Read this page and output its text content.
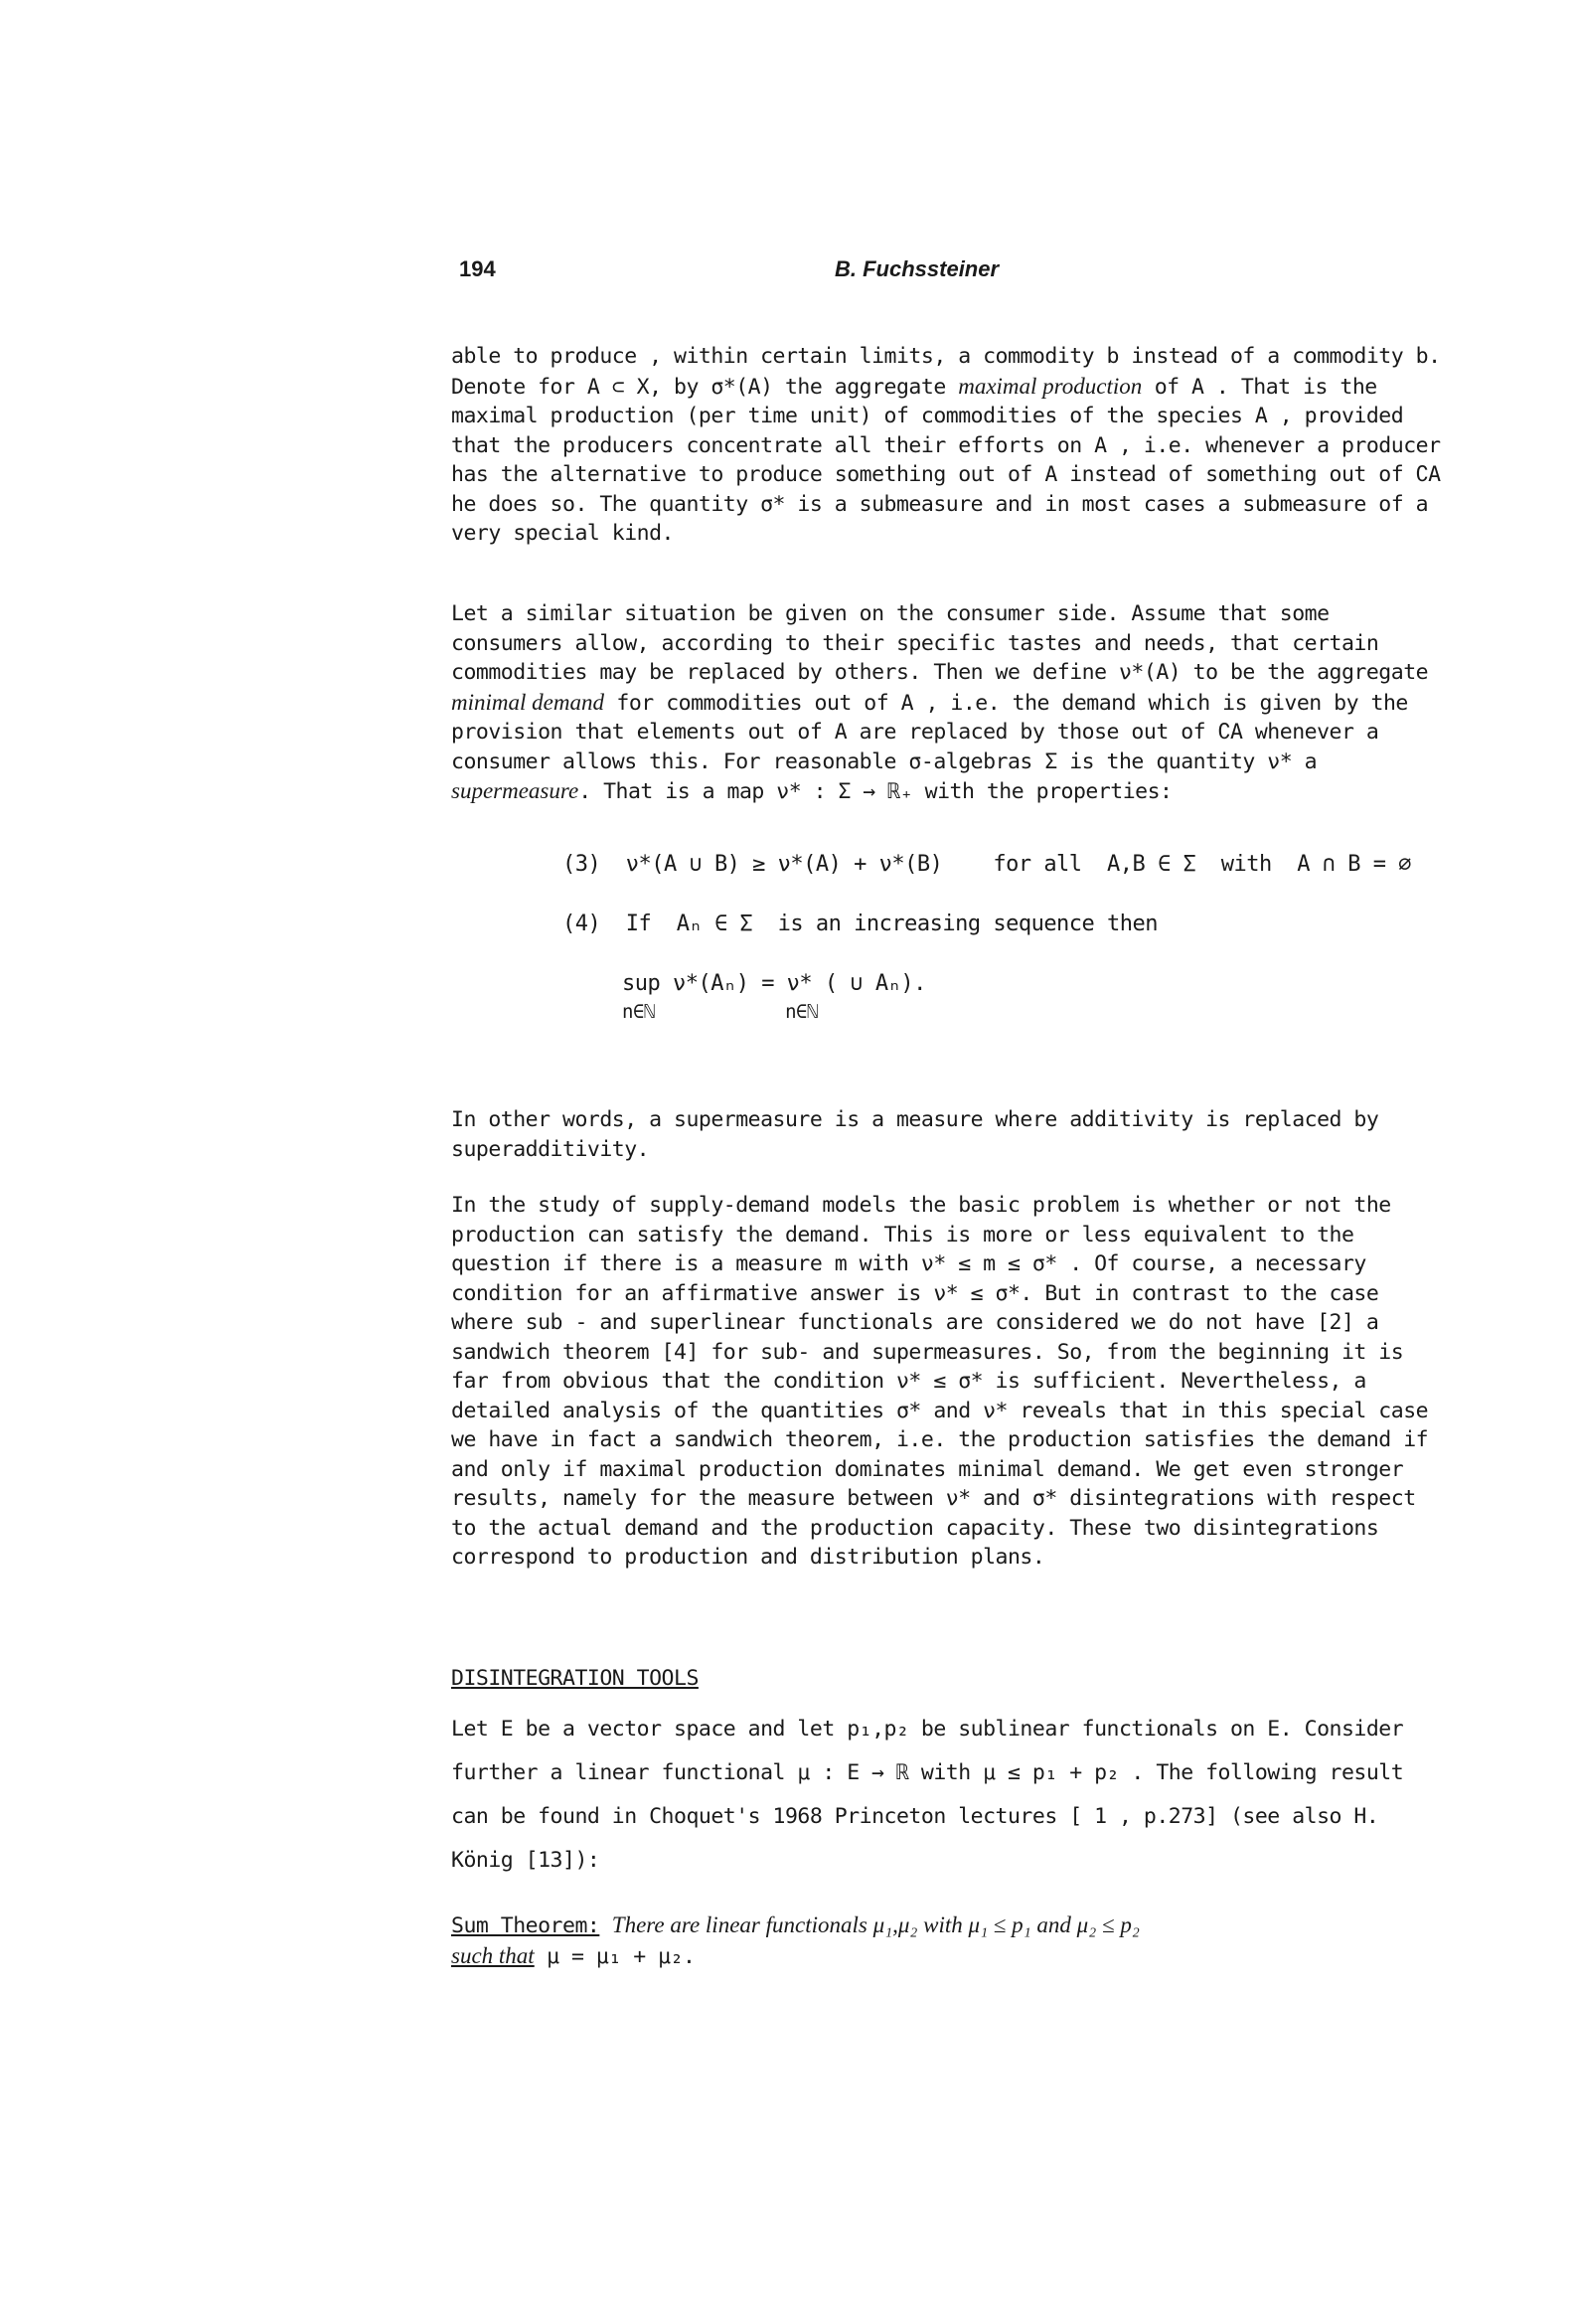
194	B. Fuchssteiner

able to produce , within certain limits, a commodity b instead of a commodity b. Denote for A ⊂ X, by σ*(A) the aggregate maximal production of A . That is the maximal production (per time unit) of commodities of the species A , provided that the producers concentrate all their efforts on A , i.e. whenever a producer has the alternative to produce something out of A instead of something out of ∁A he does so. The quantity σ* is a submeasure and in most cases a submeasure of a very special kind.

Let a similar situation be given on the consumer side. Assume that some consumers allow, according to their specific tastes and needs, that certain commodities may be replaced by others. Then we define ν*(A) to be the aggregate minimal demand for commodities out of A , i.e. the demand which is given by the provision that elements out of A are replaced by those out of ∁A whenever a consumer allows this. For reasonable σ-algebras Σ is the quantity ν* a supermeasure. That is a map ν* : Σ → ℝ₊ with the properties:

(3)  ν*(A ∪ B) ≥ ν*(A) + ν*(B)    for all  A,B ∈ Σ  with  A ∩ B = ∅
(4)  If  Aₙ ∈ Σ  is an increasing sequence then
sup ν*(Aₙ) = ν* ( ∪ Aₙ).
n∈ℕ            n∈ℕ

In other words, a supermeasure is a measure where additivity is replaced by superadditivity.

In the study of supply-demand models the basic problem is whether or not the production can satisfy the demand. This is more or less equivalent to the question if there is a measure m with ν* ≤ m ≤ σ* . Of course, a necessary condition for an affirmative answer is ν* ≤ σ*. But in contrast to the case where sub - and superlinear functionals are considered we do not have [2] a sandwich theorem [4] for sub- and supermeasures. So, from the beginning it is far from obvious that the condition ν* ≤ σ* is sufficient. Nevertheless, a detailed analysis of the quantities σ* and ν* reveals that in this special case we have in fact a sandwich theorem, i.e. the production satisfies the demand if and only if maximal production dominates minimal demand. We get even stronger results, namely for the measure between ν* and σ* disintegrations with respect to the actual demand and the production capacity. These two disintegrations correspond to production and distribution plans.

DISINTEGRATION TOOLS

Let E be a vector space and let p₁,p₂ be sublinear functionals on E. Consider further a linear functional μ : E → ℝ with μ ≤ p₁ + p₂ . The following result can be found in Choquet's 1968 Princeton lectures [ 1 , p.273] (see also H. König [13]):

Sum Theorem: There are linear functionals μ₁,μ₂ with μ₁ ≤ p₁ and μ₂ ≤ p₂
such that μ = μ₁ + μ₂.
